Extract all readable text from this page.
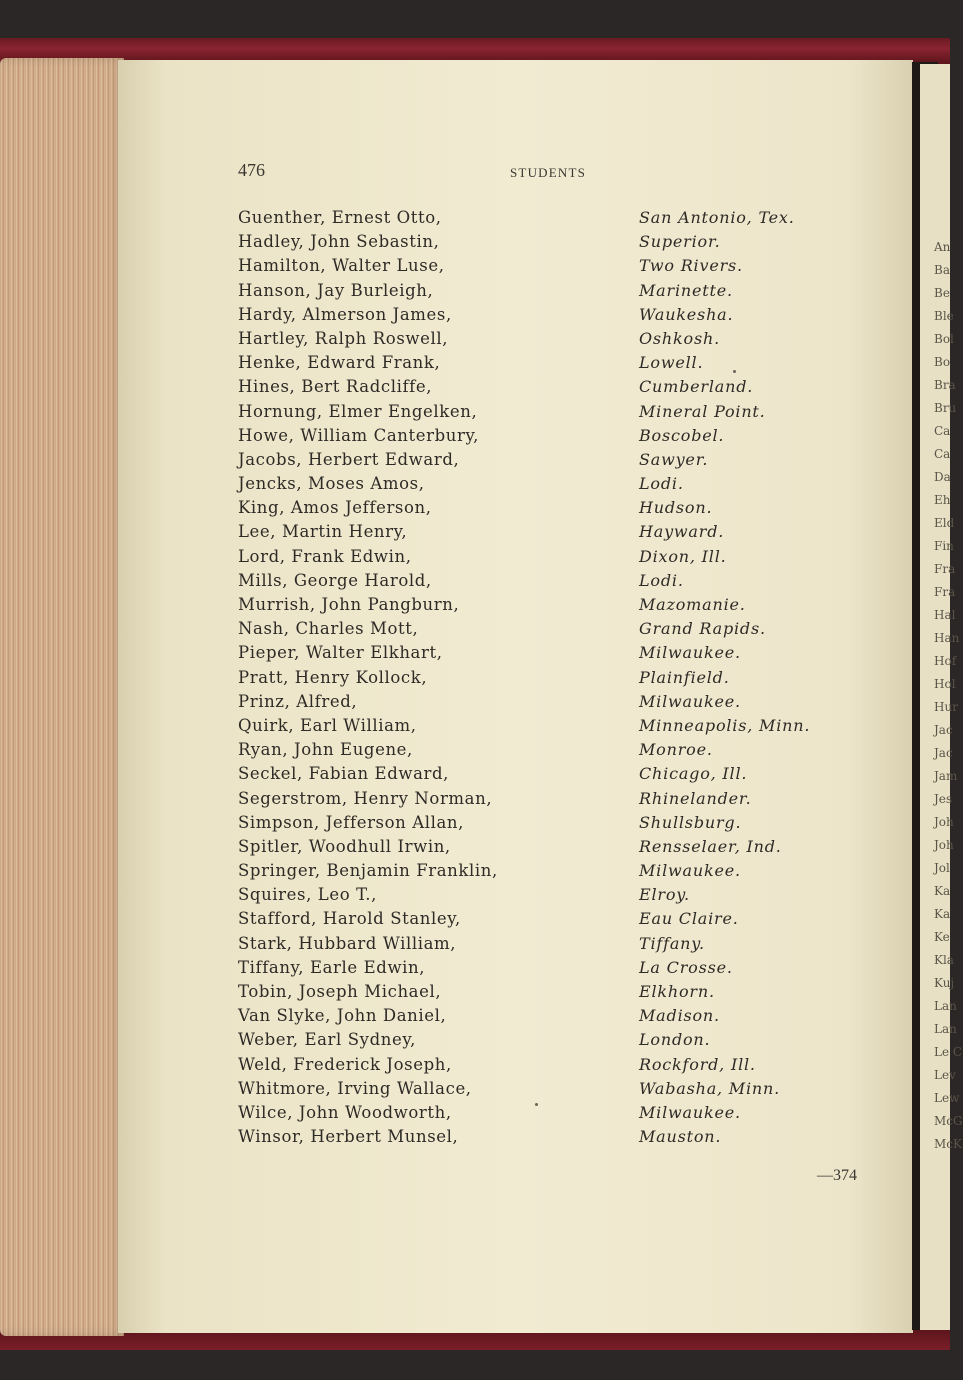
An
Ba
Be
Ble
Bol
Bo
Bra
Bru
Ca
Ca
Da
Eh
Eld
Fin
Fra
Fra
Hal
Han
Hof
Hol
Hur
Jac
Jac
Jam
Jes
Joh
Joh
Jol
Ka
Ka
Ke
Kla
Kuj
Lan
Lan
Le C
Lev
Lew
McG
McK
476	STUDENTS
Guenther, Ernest Otto,	San Antonio, Tex.
Hadley, John Sebastin,	Superior.
Hamilton, Walter Luse,	Two Rivers.
Hanson, Jay Burleigh,	Marinette.
Hardy, Almerson James,	Waukesha.
Hartley, Ralph Roswell,	Oshkosh.
Henke, Edward Frank,	Lowell.
Hines, Bert Radcliffe,	Cumberland.
Hornung, Elmer Engelken,	Mineral Point.
Howe, William Canterbury,	Boscobel.
Jacobs, Herbert Edward,	Sawyer.
Jencks, Moses Amos,	Lodi.
King, Amos Jefferson,	Hudson.
Lee, Martin Henry,	Hayward.
Lord, Frank Edwin,	Dixon, Ill.
Mills, George Harold,	Lodi.
Murrish, John Pangburn,	Mazomanie.
Nash, Charles Mott,	Grand Rapids.
Pieper, Walter Elkhart,	Milwaukee.
Pratt, Henry Kollock,	Plainfield.
Prinz, Alfred,	Milwaukee.
Quirk, Earl William,	Minneapolis, Minn.
Ryan, John Eugene,	Monroe.
Seckel, Fabian Edward,	Chicago, Ill.
Segerstrom, Henry Norman,	Rhinelander.
Simpson, Jefferson Allan,	Shullsburg.
Spitler, Woodhull Irwin,	Rensselaer, Ind.
Springer, Benjamin Franklin,	Milwaukee.
Squires, Leo T.,	Elroy.
Stafford, Harold Stanley,	Eau Claire.
Stark, Hubbard William,	Tiffany.
Tiffany, Earle Edwin,	La Crosse.
Tobin, Joseph Michael,	Elkhorn.
Van Slyke, John Daniel,	Madison.
Weber, Earl Sydney,	London.
Weld, Frederick Joseph,	Rockford, Ill.
Whitmore, Irving Wallace,	Wabasha, Minn.
Wilce, John Woodworth,	Milwaukee.
Winsor, Herbert Munsel,	Mauston.
—374
